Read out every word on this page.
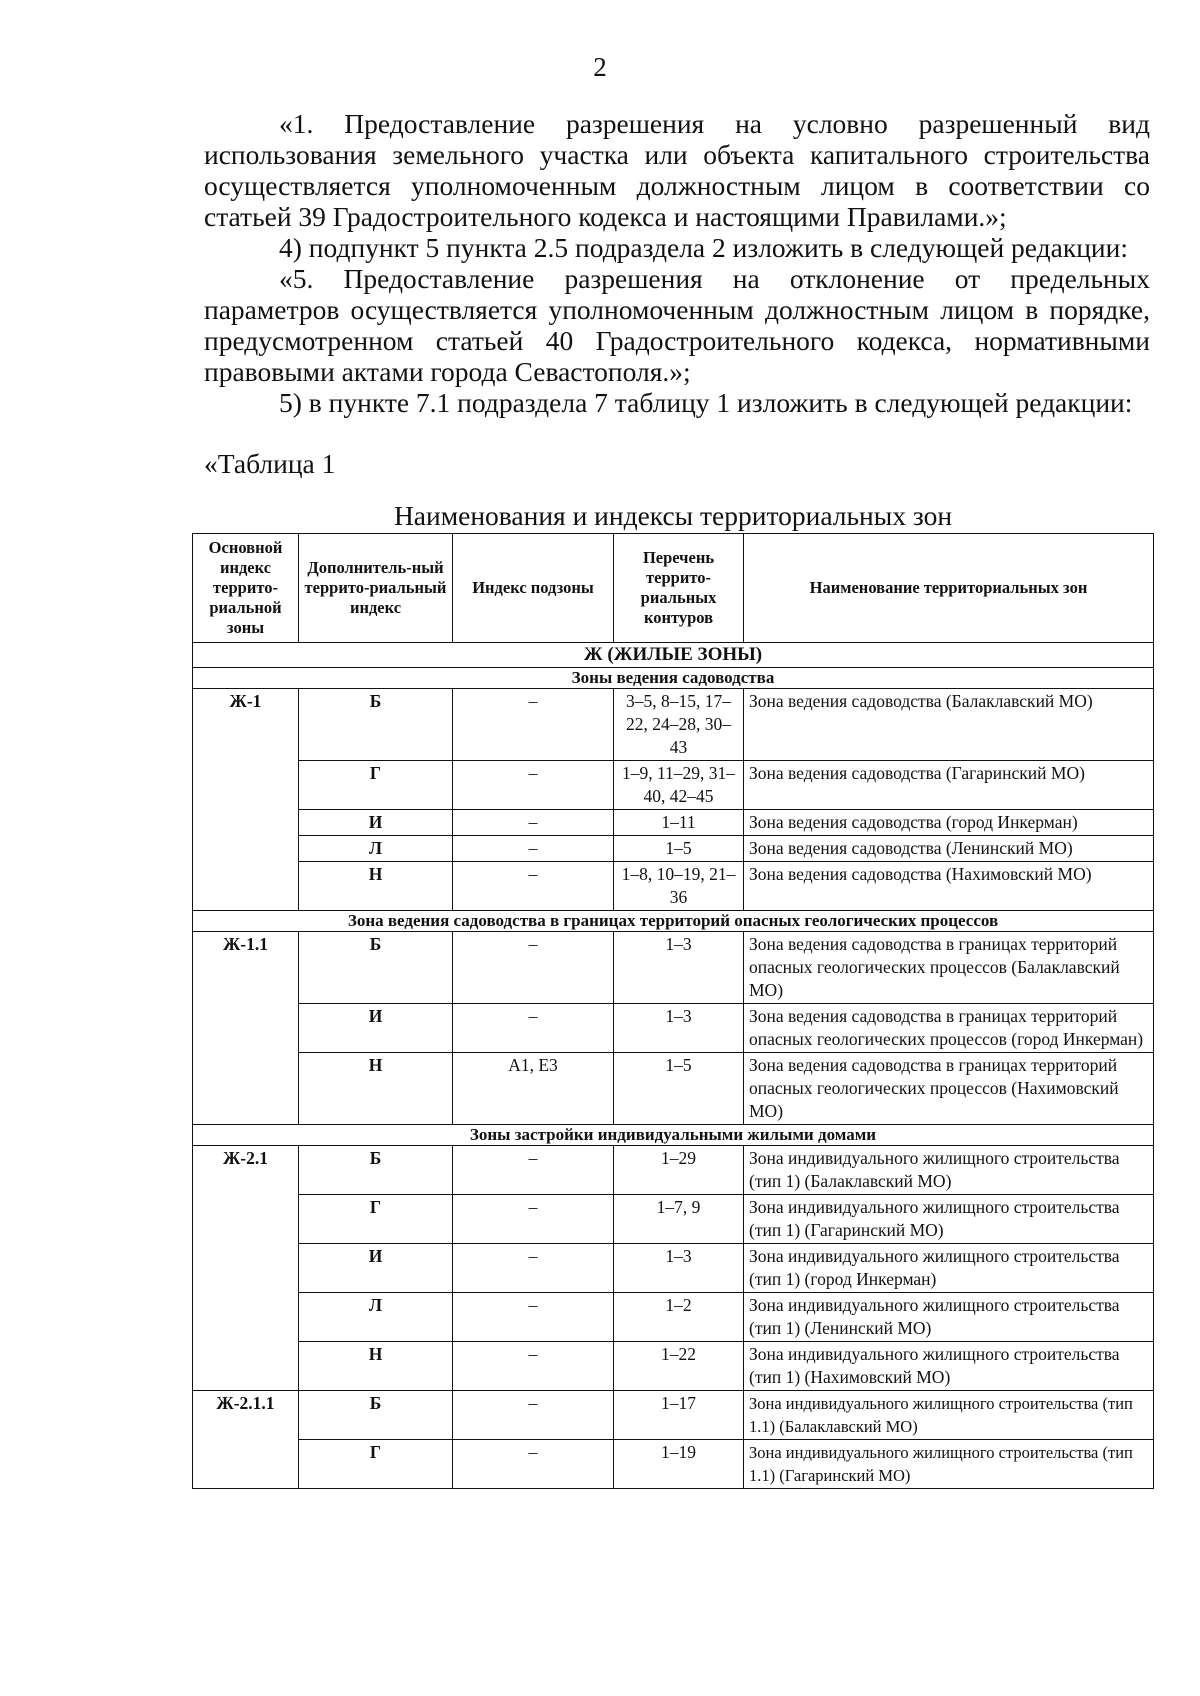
2

«1. Предоставление разрешения на условно разрешенный вид использования земельного участка или объекта капитального строительства осуществляется уполномоченным должностным лицом в соответствии со статьей 39 Градостроительного кодекса и настоящими Правилами.»;

4) подпункт 5 пункта 2.5 подраздела 2 изложить в следующей редакции:

«5. Предоставление разрешения на отклонение от предельных параметров осуществляется уполномоченным должностным лицом в порядке, предусмотренном статьей 40 Градостроительного кодекса, нормативными правовыми актами города Севастополя.»;

5) в пункте 7.1 подраздела 7 таблицу 1 изложить в следующей редакции:

«Таблица 1
Наименования и индексы территориальных зон
Основной индекс террито-риальной зоны	Дополнитель-ный террито-риальный индекс	Индекс подзоны	Перечень террито-риальных контуров	Наименование территориальных зон
Ж (ЖИЛЫЕ ЗОНЫ)				
Зоны ведения садоводства				
Ж-1	Б	–	3–5, 8–15, 17–22, 24–28, 30–43	Зона ведения садоводства (Балаклавский МО)
	Г	–	1–9, 11–29, 31–40, 42–45	Зона ведения садоводства (Гагаринский МО)
	И	–	1–11	Зона ведения садоводства (город Инкерман)
	Л	–	1–5	Зона ведения садоводства (Ленинский МО)
	Н	–	1–8, 10–19, 21–36	Зона ведения садоводства (Нахимовский МО)
Зона ведения садоводства в границах территорий опасных геологических процессов				
Ж-1.1	Б	–	1–3	Зона ведения садоводства в границах территорий опасных геологических процессов (Балаклавский МО)
	И	–	1–3	Зона ведения садоводства в границах территорий опасных геологических процессов (город Инкерман)
	Н	А1, Е3	1–5	Зона ведения садоводства в границах территорий опасных геологических процессов (Нахимовский МО)
Зоны застройки индивидуальными жилыми домами				
Ж-2.1	Б	–	1–29	Зона индивидуального жилищного строительства (тип 1) (Балаклавский МО)
	Г	–	1–7, 9	Зона индивидуального жилищного строительства (тип 1) (Гагаринский МО)
	И	–	1–3	Зона индивидуального жилищного строительства (тип 1) (город Инкерман)
	Л	–	1–2	Зона индивидуального жилищного строительства (тип 1) (Ленинский МО)
	Н	–	1–22	Зона индивидуального жилищного строительства (тип 1) (Нахимовский МО)
Ж-2.1.1	Б	–	1–17	Зона индивидуального жилищного строительства (тип 1.1) (Балаклавский МО)
	Г	–	1–19	Зона индивидуального жилищного строительства (тип 1.1) (Гагаринский МО)
